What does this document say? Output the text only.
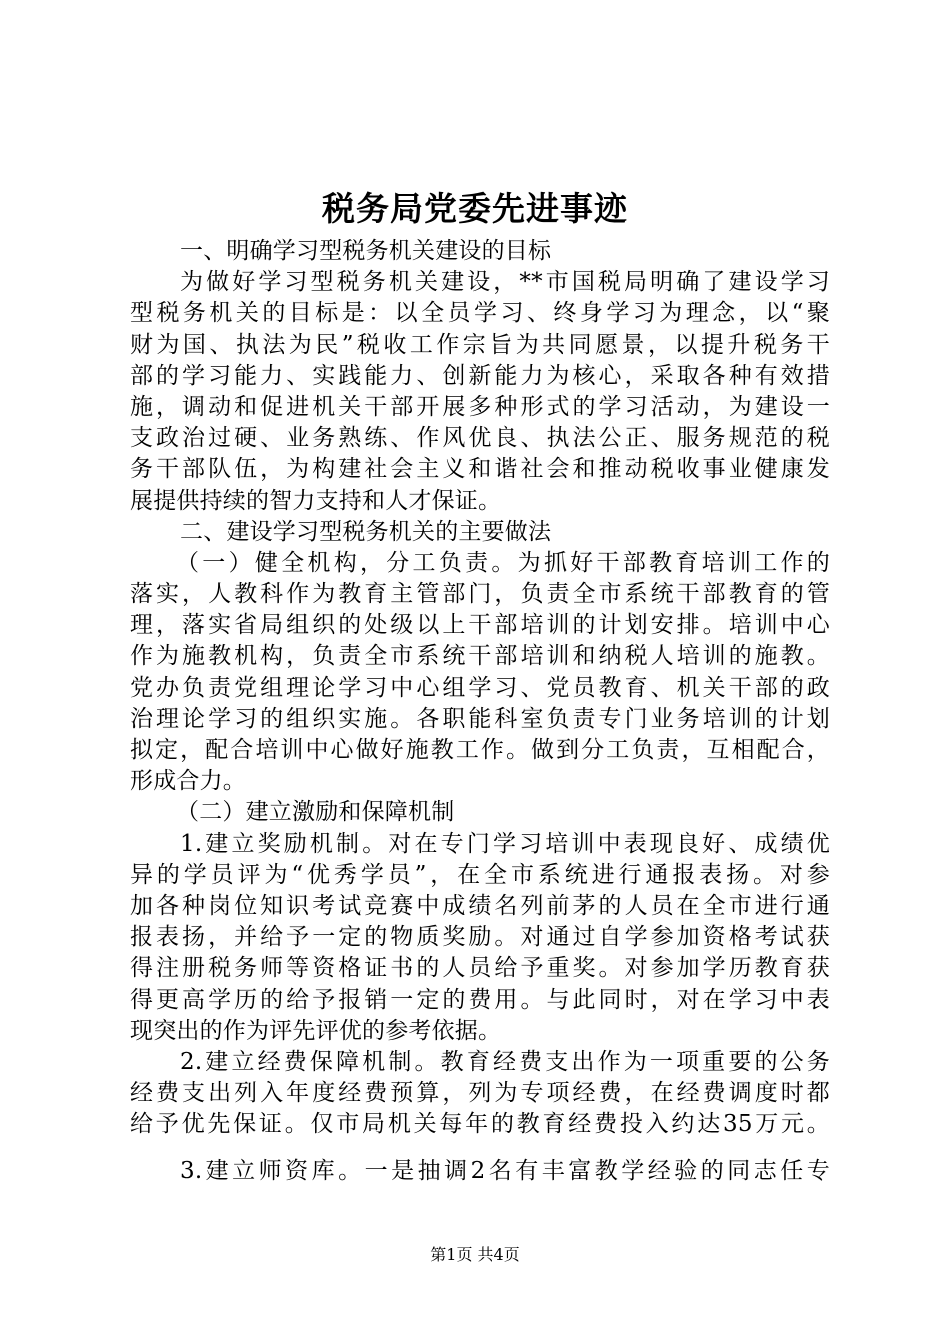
税务局党委先进事迹
一、明确学习型税务机关建设的目标
为做好学习型税务机关建设，**市国税局明确了建设学习
型税务机关的目标是：以全员学习、终身学习为理念，以“聚
财为国、执法为民”税收工作宗旨为共同愿景，以提升税务干
部的学习能力、实践能力、创新能力为核心，采取各种有效措
施，调动和促进机关干部开展多种形式的学习活动，为建设一
支政治过硬、业务熟练、作风优良、执法公正、服务规范的税
务干部队伍，为构建社会主义和谐社会和推动税收事业健康发
展提供持续的智力支持和人才保证。
二、建设学习型税务机关的主要做法
（一）健全机构，分工负责。为抓好干部教育培训工作的
落实，人教科作为教育主管部门，负责全市系统干部教育的管
理，落实省局组织的处级以上干部培训的计划安排。培训中心
作为施教机构，负责全市系统干部培训和纳税人培训的施教。
党办负责党组理论学习中心组学习、党员教育、机关干部的政
治理论学习的组织实施。各职能科室负责专门业务培训的计划
拟定，配合培训中心做好施教工作。做到分工负责，互相配合，
形成合力。
（二）建立激励和保障机制
1.建立奖励机制。对在专门学习培训中表现良好、成绩优
异的学员评为“优秀学员”，在全市系统进行通报表扬。对参
加各种岗位知识考试竞赛中成绩名列前茅的人员在全市进行通
报表扬，并给予一定的物质奖励。对通过自学参加资格考试获
得注册税务师等资格证书的人员给予重奖。对参加学历教育获
得更高学历的给予报销一定的费用。与此同时，对在学习中表
现突出的作为评先评优的参考依据。
2.建立经费保障机制。教育经费支出作为一项重要的公务
经费支出列入年度经费预算，列为专项经费，在经费调度时都
给予优先保证。仅市局机关每年的教育经费投入约达35万元。
3.建立师资库。一是抽调2名有丰富教学经验的同志任专
第1页 共4页
